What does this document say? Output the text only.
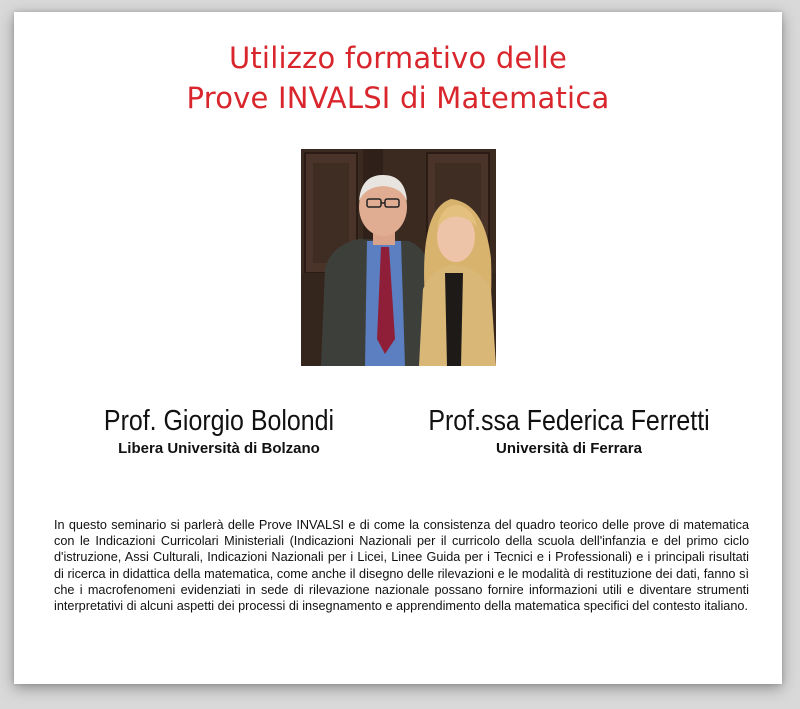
Utilizzo formativo delle
Prove INVALSI di Matematica
Prof. Giorgio Bolondi
Libera Università di Bolzano
Prof.ssa Federica Ferretti
Università di Ferrara
In questo seminario si parlerà delle Prove INVALSI e di come la consistenza del quadro teorico delle prove di matematica con le Indicazioni Curricolari Ministeriali (Indicazioni Nazionali per il curricolo della scuola dell'infanzia e del primo ciclo d'istruzione, Assi Culturali, Indicazioni Nazionali per i Licei, Linee Guida per i Tecnici e i Professionali) e i principali risultati di ricerca in didattica della matematica, come anche il disegno delle rilevazioni e le modalità di restituzione dei dati, fanno sì che i macrofenomeni evidenziati in sede di rilevazione nazionale possano fornire informazioni utili e diventare strumenti interpretativi di alcuni aspetti dei processi di insegnamento e apprendimento della matematica specifici del contesto italiano.
